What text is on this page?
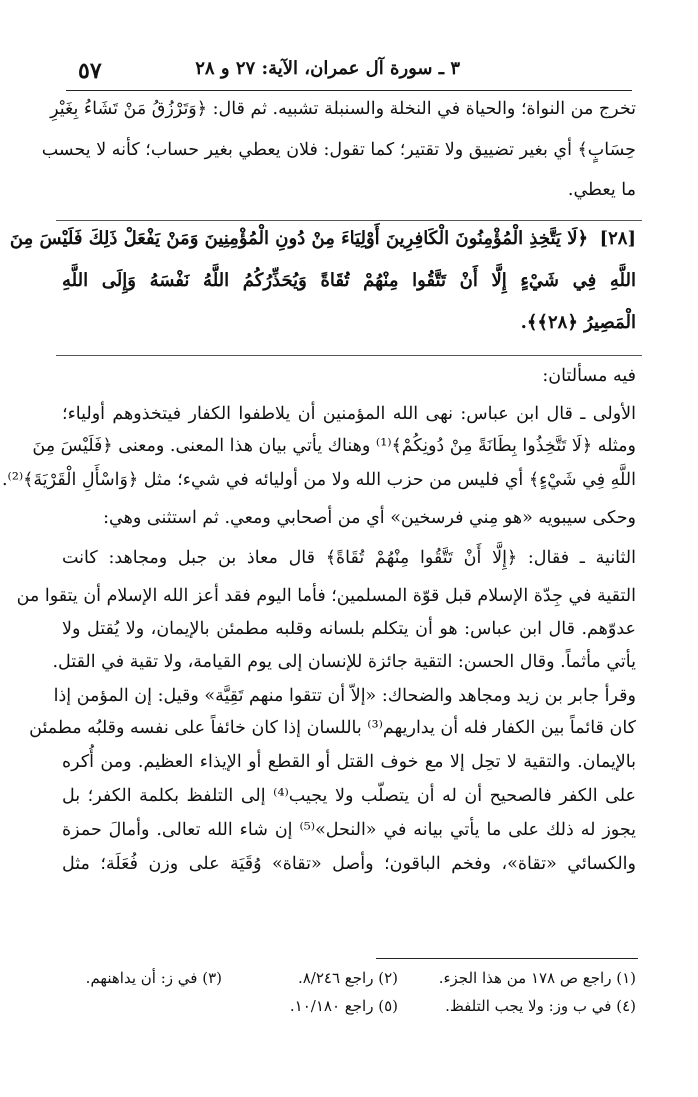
٣ ـ سورة آل عمران، الآية: ٢٧ و ٢٨
٥٧
تخرج من النواة؛ والحياة في النخلة والسنبلة تشبيه. ثم قال: ﴿وَتَرْزُقُ مَنْ تَشَاءُ بِغَيْرِ
حِسَابٍ﴾ أي بغير تضييق ولا تقتير؛ كما تقول: فلان يعطي بغير حساب؛ كأنه لا يحسب
ما يعطي.
[٢٨]
﴿لَا يَتَّخِذِ الْمُؤْمِنُونَ الْكَافِرِينَ أَوْلِيَاءَ مِنْ دُونِ الْمُؤْمِنِينَ وَمَنْ يَفْعَلْ ذَلِكَ فَلَيْسَ مِنَ
اللَّهِ فِي شَيْءٍ إِلَّا أَنْ تَتَّقُوا مِنْهُمْ تُقَاةً وَيُحَذِّرُكُمُ اللَّهُ نَفْسَهُ وَإِلَى اللَّهِ
الْمَصِيرُ ﴿٢٨﴾﴾.
فيه مسألتان:
الأولى ـ قال ابن عباس: نهى الله المؤمنين أن يلاطفوا الكفار فيتخذوهم أولياء؛
ومثله ﴿لَا تَتَّخِذُوا بِطَانَةً مِنْ دُونِكُمْ﴾⁽¹⁾ وهناك يأتي بيان هذا المعنى. ومعنى ﴿فَلَيْسَ مِنَ
اللَّهِ فِي شَيْءٍ﴾ أي فليس من حزب الله ولا من أوليائه في شيء؛ مثل ﴿وَاسْأَلِ الْقَرْيَةَ﴾⁽²⁾.
وحكى سيبويه «هو مِني فرسخين» أي من أصحابي ومعي. ثم استثنى وهي:
الثانية ـ فقال: ﴿إِلَّا أَنْ تَتَّقُوا مِنْهُمْ تُقَاةً﴾ قال معاذ بن جبل ومجاهد: كانت
التقية في جِدّة الإسلام قبل قوّة المسلمين؛ فأما اليوم فقد أعز الله الإسلام أن يتقوا من
عدوّهم. قال ابن عباس: هو أن يتكلم بلسانه وقلبه مطمئن بالإيمان، ولا يُقتل ولا
يأتي مأثماً. وقال الحسن: التقية جائزة للإنسان إلى يوم القيامة، ولا تقية في القتل.
وقرأ جابر بن زيد ومجاهد والضحاك: «إلاّ أن تتقوا منهم تَقِيَّة» وقيل: إن المؤمن إذا
كان قائماً بين الكفار فله أن يداريهم⁽³⁾ باللسان إذا كان خائفاً على نفسه وقلبُه مطمئن
بالإيمان. والتقية لا تحِل إلا مع خوف القتل أو القطع أو الإيذاء العظيم. ومن أُكره
على الكفر فالصحيح أن له أن يتصلّب ولا يجيب⁽⁴⁾ إلى التلفظ بكلمة الكفر؛ بل
يجوز له ذلك على ما يأتي بيانه في «النحل»⁽⁵⁾ إن شاء الله تعالى. وأمالَ حمزة
والكسائي «تقاة»، وفخم الباقون؛ وأصل «تقاة» وُقَيَة على وزن فُعَلَة؛ مثل
(١) راجع ص ١٧٨ من هذا الجزء.
(٢) راجع ٨/٢٤٦.
(٣) في ز: أن يداهنهم.
(٤) في ب وز: ولا يجب التلفظ.
(٥) راجع ١٠/١٨٠.
